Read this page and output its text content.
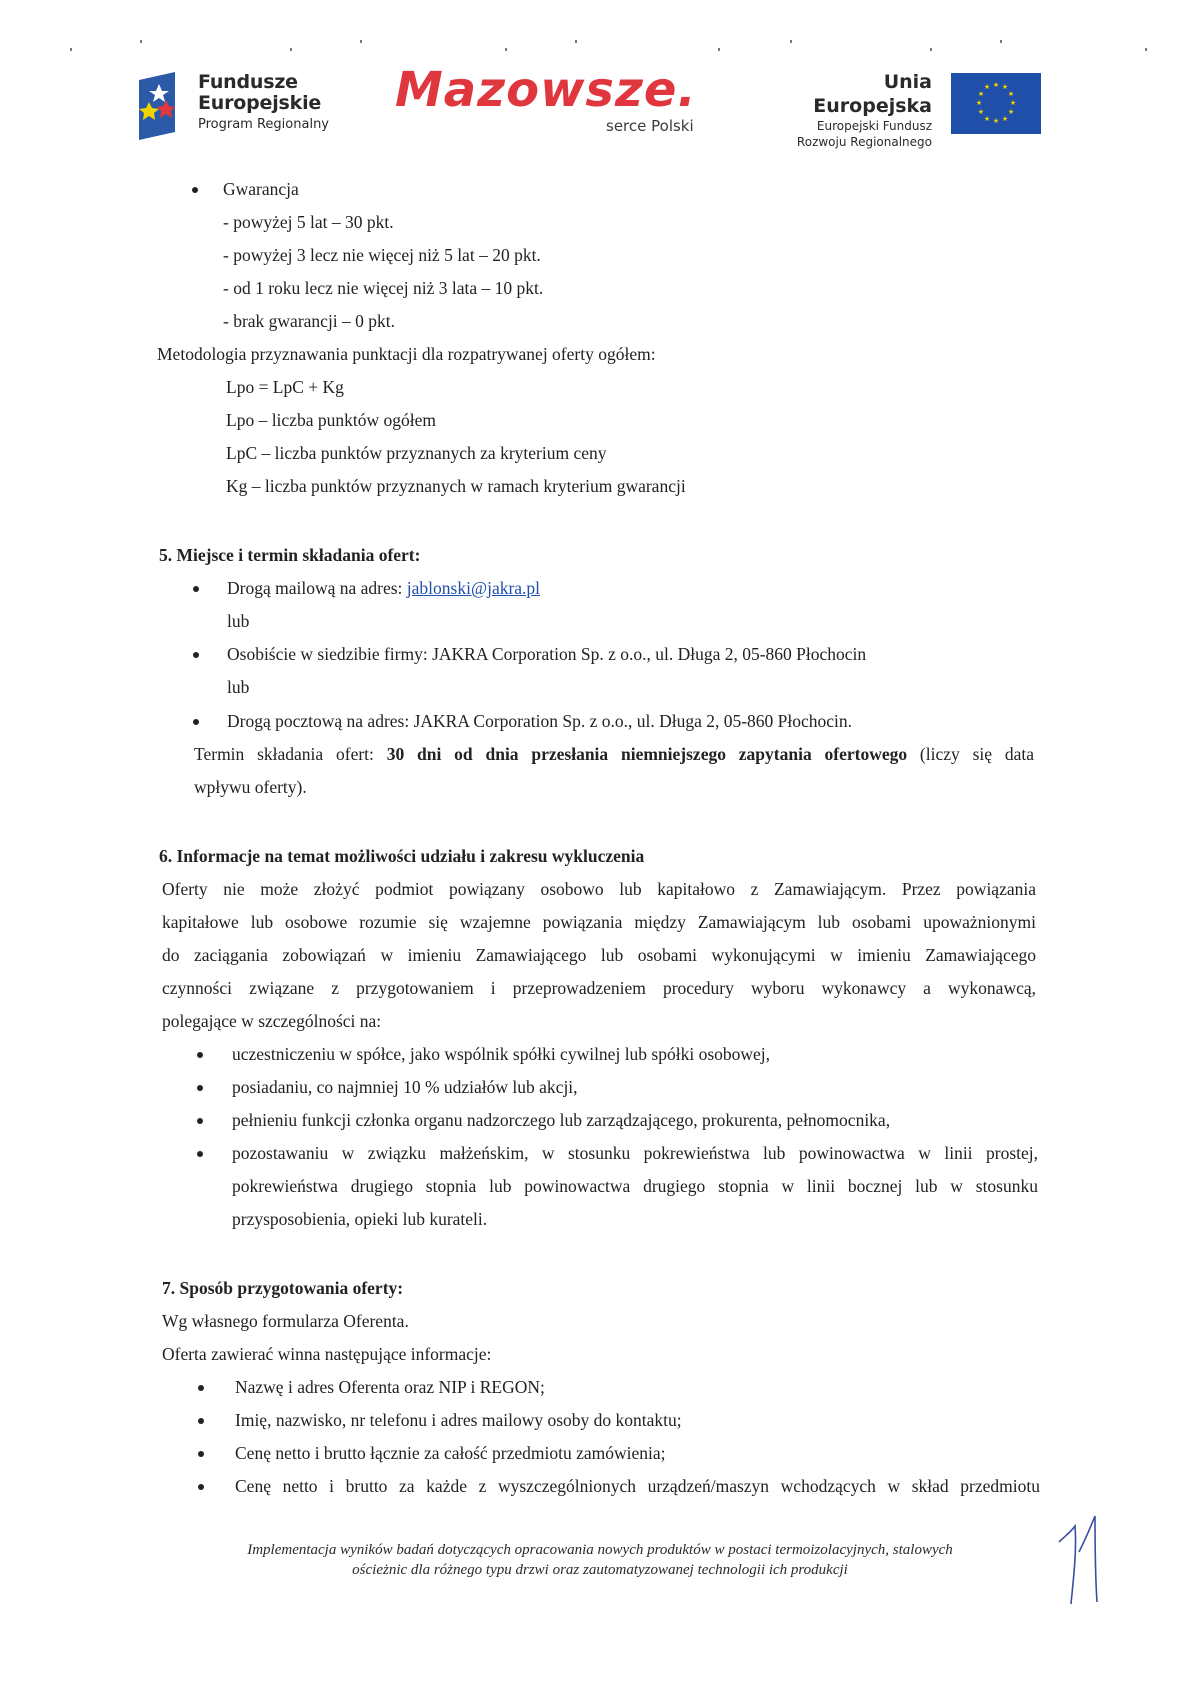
Fundusze
Europejskie
Program Regionalny
Mazowsze.
serce Polski
Unia Europejska
Europejski Fundusz
Rozwoju Regionalnego
★ ★
★
★
★
★
★
★
★
★
★
★
Gwarancja
- powyżej 5 lat – 30 pkt.
- powyżej 3 lecz nie więcej niż 5 lat – 20 pkt.
- od 1 roku lecz nie więcej niż 3 lata – 10 pkt.
- brak gwarancji – 0 pkt.
Metodologia przyznawania punktacji dla rozpatrywanej oferty ogółem:
Lpo = LpC + Kg
Lpo – liczba punktów ogółem
LpC – liczba punktów przyznanych za kryterium ceny
Kg – liczba punktów przyznanych w ramach kryterium gwarancji
5. Miejsce i termin składania ofert:
Drogą mailową na adres: jablonski@jakra.pl
lub
Osobiście w siedzibie firmy: JAKRA Corporation Sp. z o.o., ul. Długa 2, 05-860 Płochocin
lub
Drogą pocztową na adres: JAKRA Corporation Sp. z o.o., ul. Długa 2, 05-860 Płochocin.
Termin składania ofert: 30 dni od dnia przesłania niemniejszego zapytania ofertowego (liczy się data
wpływu oferty).
6. Informacje na temat możliwości udziału i zakresu wykluczenia
Oferty nie może złożyć podmiot powiązany osobowo lub kapitałowo z Zamawiającym. Przez powiązania
kapitałowe lub osobowe rozumie się wzajemne powiązania między Zamawiającym lub osobami upoważnionymi
do zaciągania zobowiązań w imieniu Zamawiającego lub osobami wykonującymi w imieniu Zamawiającego
czynności związane z przygotowaniem i przeprowadzeniem procedury wyboru wykonawcy a wykonawcą,
polegające w szczególności na:
uczestniczeniu w spółce, jako wspólnik spółki cywilnej lub spółki osobowej,
posiadaniu, co najmniej 10 % udziałów lub akcji,
pełnieniu funkcji członka organu nadzorczego lub zarządzającego, prokurenta, pełnomocnika,
pozostawaniu w związku małżeńskim, w stosunku pokrewieństwa lub powinowactwa w linii prostej,
pokrewieństwa drugiego stopnia lub powinowactwa drugiego stopnia w linii bocznej lub w stosunku
przysposobienia, opieki lub kurateli.
7. Sposób przygotowania oferty:
Wg własnego formularza Oferenta.
Oferta zawierać winna następujące informacje:
Nazwę i adres Oferenta oraz NIP i REGON;
Imię, nazwisko, nr telefonu i adres mailowy osoby do kontaktu;
Cenę netto i brutto łącznie za całość przedmiotu zamówienia;
Cenę netto i brutto za każde z wyszczególnionych urządzeń/maszyn wchodzących w skład przedmiotu
Implementacja wyników badań dotyczących opracowania nowych produktów w postaci termoizolacyjnych, stalowych
ościeżnic dla różnego typu drzwi oraz zautomatyzowanej technologii ich produkcji
